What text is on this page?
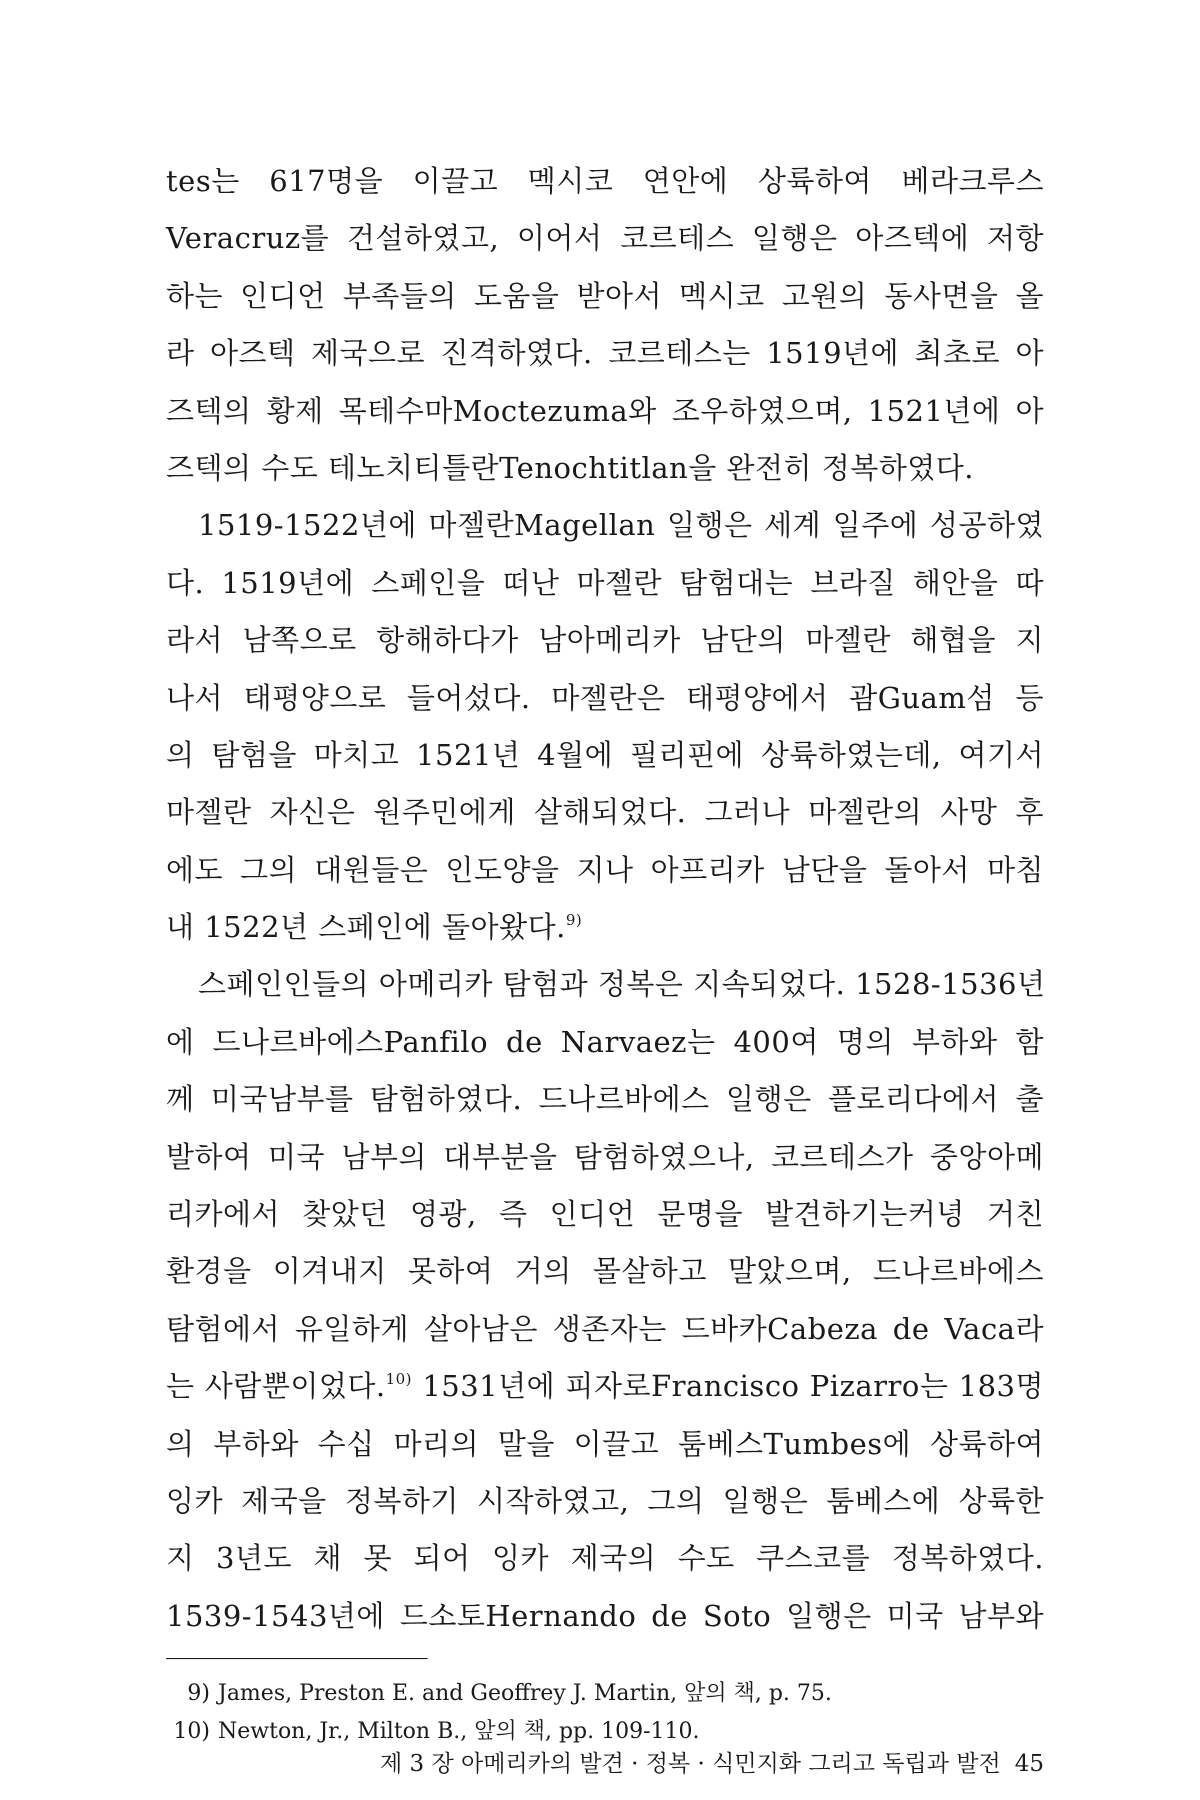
tes는 617명을 이끌고 멕시코 연안에 상륙하여 베라크루스
Veracruz를 건설하였고, 이어서 코르테스 일행은 아즈텍에 저항
하는 인디언 부족들의 도움을 받아서 멕시코 고원의 동사면을 올
라 아즈텍 제국으로 진격하였다. 코르테스는 1519년에 최초로 아
즈텍의 황제 목테수마Moctezuma와 조우하였으며, 1521년에 아
즈텍의 수도 테노치티틀란Tenochtitlan을 완전히 정복하였다.
1519-1522년에 마젤란Magellan 일행은 세계 일주에 성공하였
다. 1519년에 스페인을 떠난 마젤란 탐험대는 브라질 해안을 따
라서 남쪽으로 항해하다가 남아메리카 남단의 마젤란 해협을 지
나서 태평양으로 들어섰다. 마젤란은 태평양에서 괌Guam섬 등
의 탐험을 마치고 1521년 4월에 필리핀에 상륙하였는데, 여기서
마젤란 자신은 원주민에게 살해되었다. 그러나 마젤란의 사망 후
에도 그의 대원들은 인도양을 지나 아프리카 남단을 돌아서 마침
내 1522년 스페인에 돌아왔다.$^{9)}$
스페인인들의 아메리카 탐험과 정복은 지속되었다. 1528-1536년
에 드나르바에스Panfilo de Narvaez는 400여 명의 부하와 함
께 미국남부를 탐험하였다. 드나르바에스 일행은 플로리다에서 출
발하여 미국 남부의 대부분을 탐험하였으나, 코르테스가 중앙아메
리카에서 찾았던 영광, 즉 인디언 문명을 발견하기는커녕 거친
환경을 이겨내지 못하여 거의 몰살하고 말았으며, 드나르바에스
탐험에서 유일하게 살아남은 생존자는 드바카Cabeza de Vaca라
는 사람뿐이었다.$^{10)}$ 1531년에 피자로Francisco Pizarro는 183명
의 부하와 수십 마리의 말을 이끌고 툼베스Tumbes에 상륙하여
잉카 제국을 정복하기 시작하였고, 그의 일행은 툼베스에 상륙한
지 3년도 채 못 되어 잉카 제국의 수도 쿠스코를 정복하였다.
1539-1543년에 드소토Hernando de Soto 일행은 미국 남부와
9) James, Preston E. and Geoffrey J. Martin, 앞의 책, p. 75.
10) Newton, Jr., Milton B., 앞의 책, pp. 109-110.
제 3 장 아메리카의 발견 · 정복 · 식민지화 그리고 독립과 발전 45
